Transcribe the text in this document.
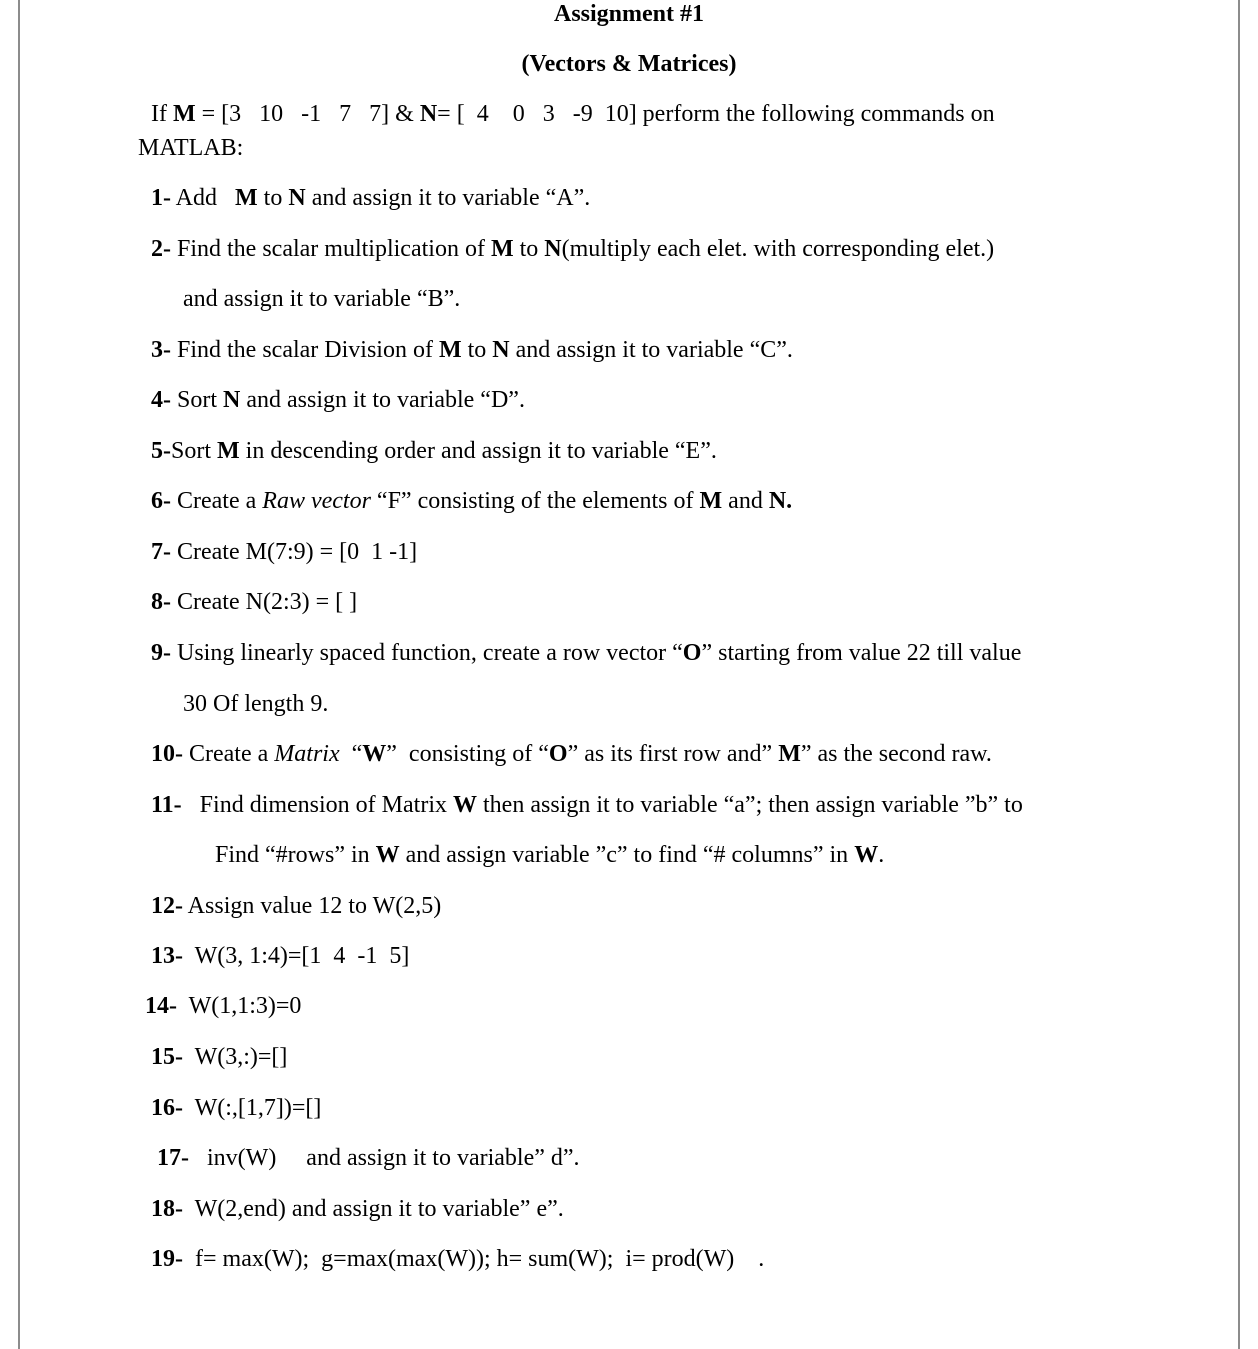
Assignment #1
(Vectors & Matrices)
If M = [3   10   -1   7   7] & N= [  4    0   3   -9  10] perform the following commands on
MATLAB:
1- Add   M to N and assign it to variable “A”.
2- Find the scalar multiplication of M to N(multiply each elet. with corresponding elet.)
and assign it to variable “B”.
3- Find the scalar Division of M to N and assign it to variable “C”.
4- Sort N and assign it to variable “D”.
5-Sort M in descending order and assign it to variable “E”.
6- Create a Raw vector “F” consisting of the elements of M and N.
7- Create M(7:9) = [0  1 -1]
8- Create N(2:3) = [ ]
9- Using linearly spaced function, create a row vector “O” starting from value 22 till value
30 Of length 9.
10- Create a Matrix  “W”  consisting of “O” as its first row and” M” as the second raw.
11-   Find dimension of Matrix W then assign it to variable “a”; then assign variable ”b” to
Find “#rows” in W and assign variable ”c” to find “# columns” in W.
12- Assign value 12 to W(2,5)
13-  W(3, 1:4)=[1  4  -1  5]
14-  W(1,1:3)=0
15-  W(3,:)=[]
16-  W(:,[1,7])=[]
17-   inv(W)     and assign it to variable” d”.
18-  W(2,end) and assign it to variable” e”.
19-  f= max(W);  g=max(max(W)); h= sum(W);  i= prod(W)    .
